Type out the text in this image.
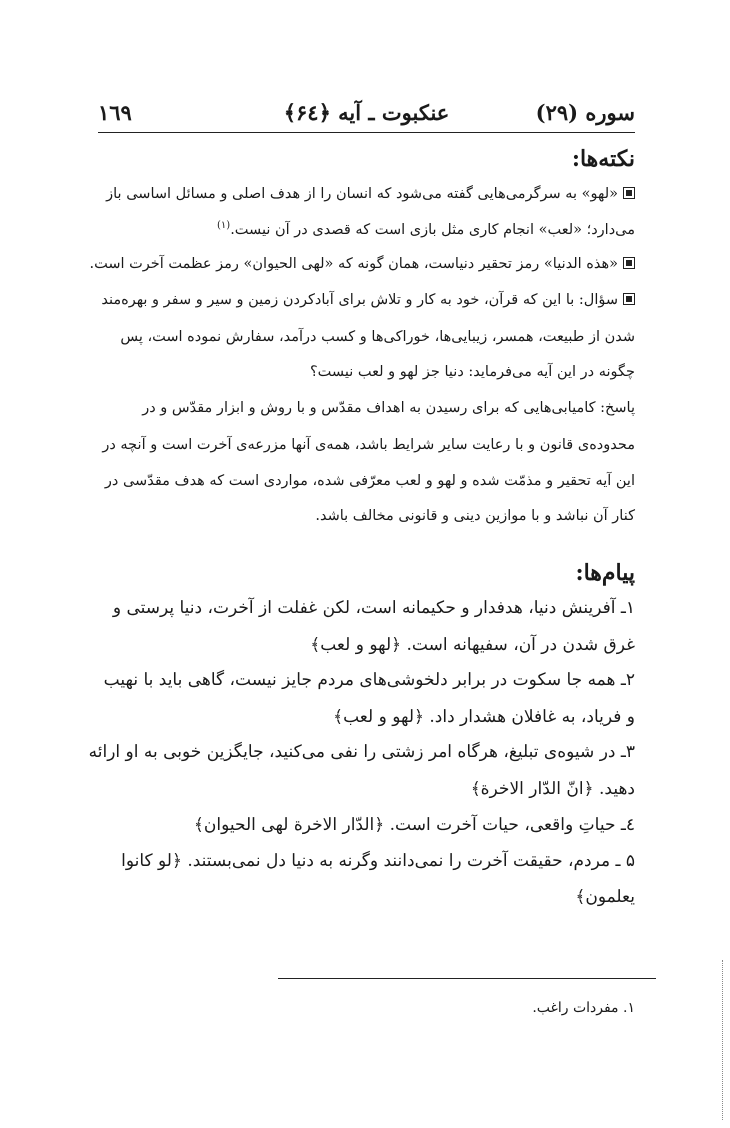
سوره (۲۹)
عنکبوت ـ آیه ﴿۶٤﴾
۱٦۹
نکته‌ها:
«لهو» به سرگرمی‌هایی گفته می‌شود که انسان را از هدف اصلی و مسائل اساسی باز
می‌دارد؛ «لعب» انجام کاری مثل بازی است که قصدی در آن نیست.$^{(۱)}$
«هذه الدنیا» رمز تحقیر دنیاست، همان گونه که «لهی الحیوان» رمز عظمت آخرت است.
سؤال: با این که قرآن، خود به کار و تلاش برای آبادکردن زمین و سیر و سفر و بهره‌مند
شدن از طبیعت، همسر، زیبایی‌ها، خوراکی‌ها و کسب درآمد، سفارش نموده است، پس
چگونه در این آیه می‌فرماید: دنیا جز لهو و لعب نیست؟
پاسخ: کامیابی‌هایی که برای رسیدن به اهداف مقدّس و با روش و ابزار مقدّس و در
محدوده‌ی قانون و با رعایت سایر شرایط باشد، همه‌ی آنها مزرعه‌ی آخرت است و آنچه در
این آیه تحقیر و مذمّت شده و لهو و لعب معرّفی شده، مواردی است که هدف مقدّسی در
کنار آن نباشد و با موازین دینی و قانونی مخالف باشد.
پیام‌ها:
۱ـ آفرینش دنیا، هدفدار و حکیمانه است، لکن غفلت از آخرت، دنیا پرستی و
غرق شدن در آن، سفیهانه است. ﴿لهو و لعب﴾
۲ـ همه جا سکوت در برابر دلخوشی‌های مردم جایز نیست، گاهی باید با نهیب
و فریاد، به غافلان هشدار داد. ﴿لهو و لعب﴾
۳ـ در شیوه‌ی تبلیغ، هرگاه امر زشتی را نفی می‌کنید، جایگزین خوبی به او ارائه
دهید. ﴿انّ الدّار الاخرة﴾
٤ـ حیاتِ واقعی، حیات آخرت است. ﴿الدّار الاخرة لهی الحیوان﴾
۵ ـ مردم، حقیقت آخرت را نمی‌دانند وگرنه به دنیا دل نمی‌بستند. ﴿لو کانوا
یعلمون﴾
۱. مفردات راغب.
